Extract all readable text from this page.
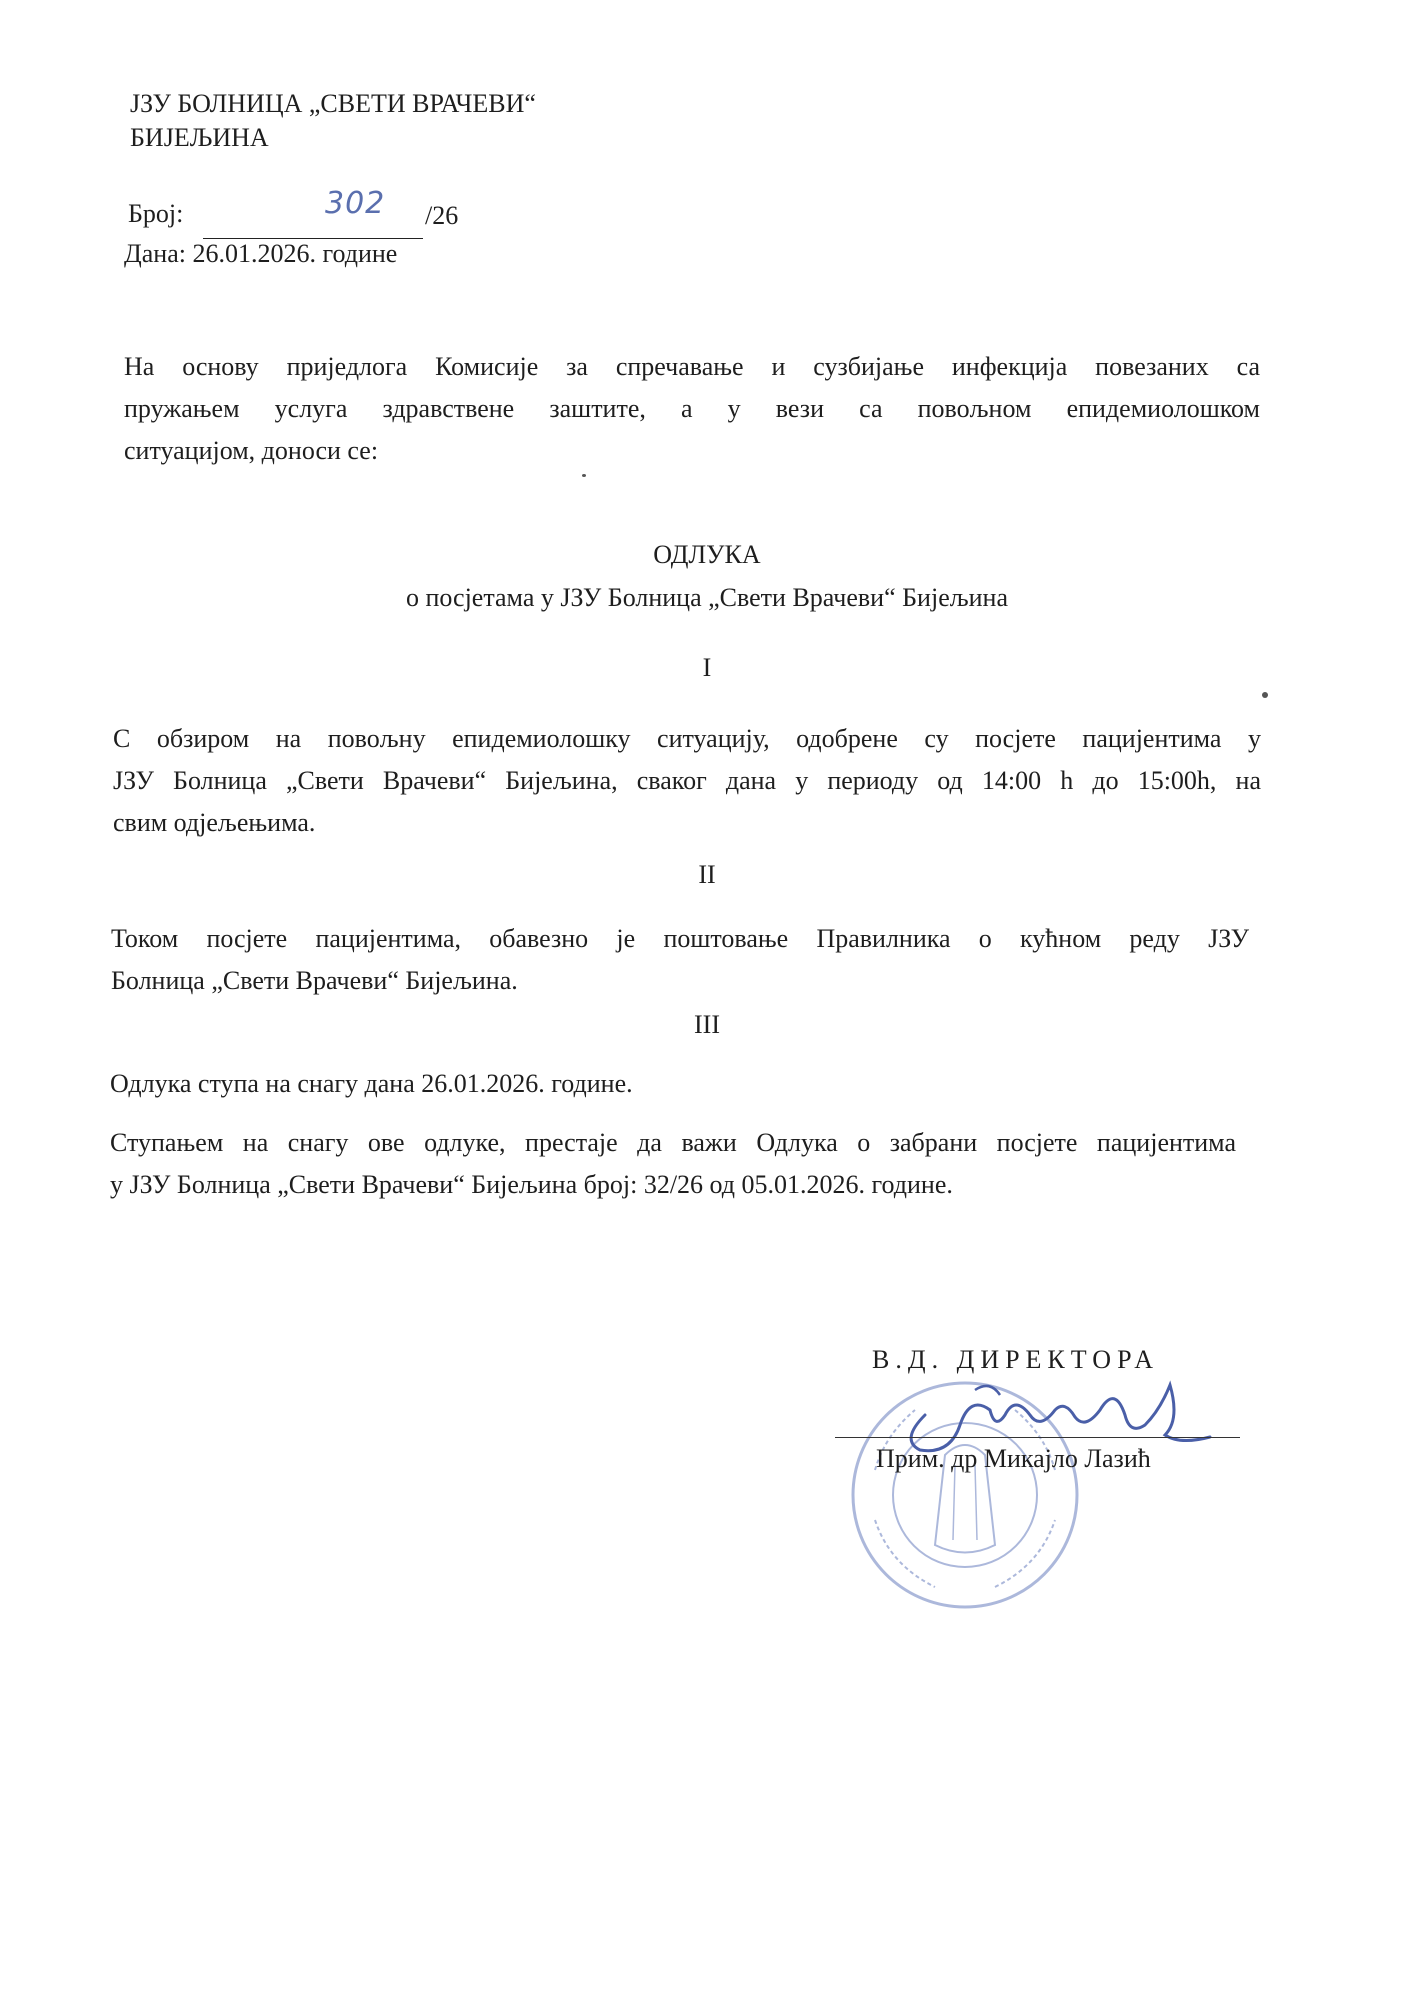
ЈЗУ БОЛНИЦА „СВЕТИ ВРАЧЕВИ“
БИЈЕЉИНА
Број:	302 /26
Дана: 26.01.2026. године
На основу приједлога Комисије за спречавање и сузбијање инфекција повезаних са
пружањем услуга здравствене заштите, а у вези са повољном епидемиолошком
ситуацијом, доноси се:
ОДЛУКА
о посјетама у ЈЗУ Болница „Свети Врачеви“ Бијељина
I
С обзиром на повољну епидемиолошку ситуацију, одобрене су посјете пацијентима у
ЈЗУ Болница „Свети Врачеви“ Бијељина, сваког дана у периоду од 14:00 h до 15:00h, на
свим одјељењима.
II
Током посјете пацијентима, обавезно је поштовање Правилника о кућном реду ЈЗУ
Болница „Свети Врачеви“ Бијељина.
III
Одлука ступа на снагу дана 26.01.2026. године.
Ступањем на снагу ове одлуке, престаје да важи Одлука о забрани посјете пацијентима
у ЈЗУ Болница „Свети Врачеви“ Бијељина број: 32/26 од 05.01.2026. године.
В.Д. ДИРЕКТОРА
Прим. др Микајло Лазић
